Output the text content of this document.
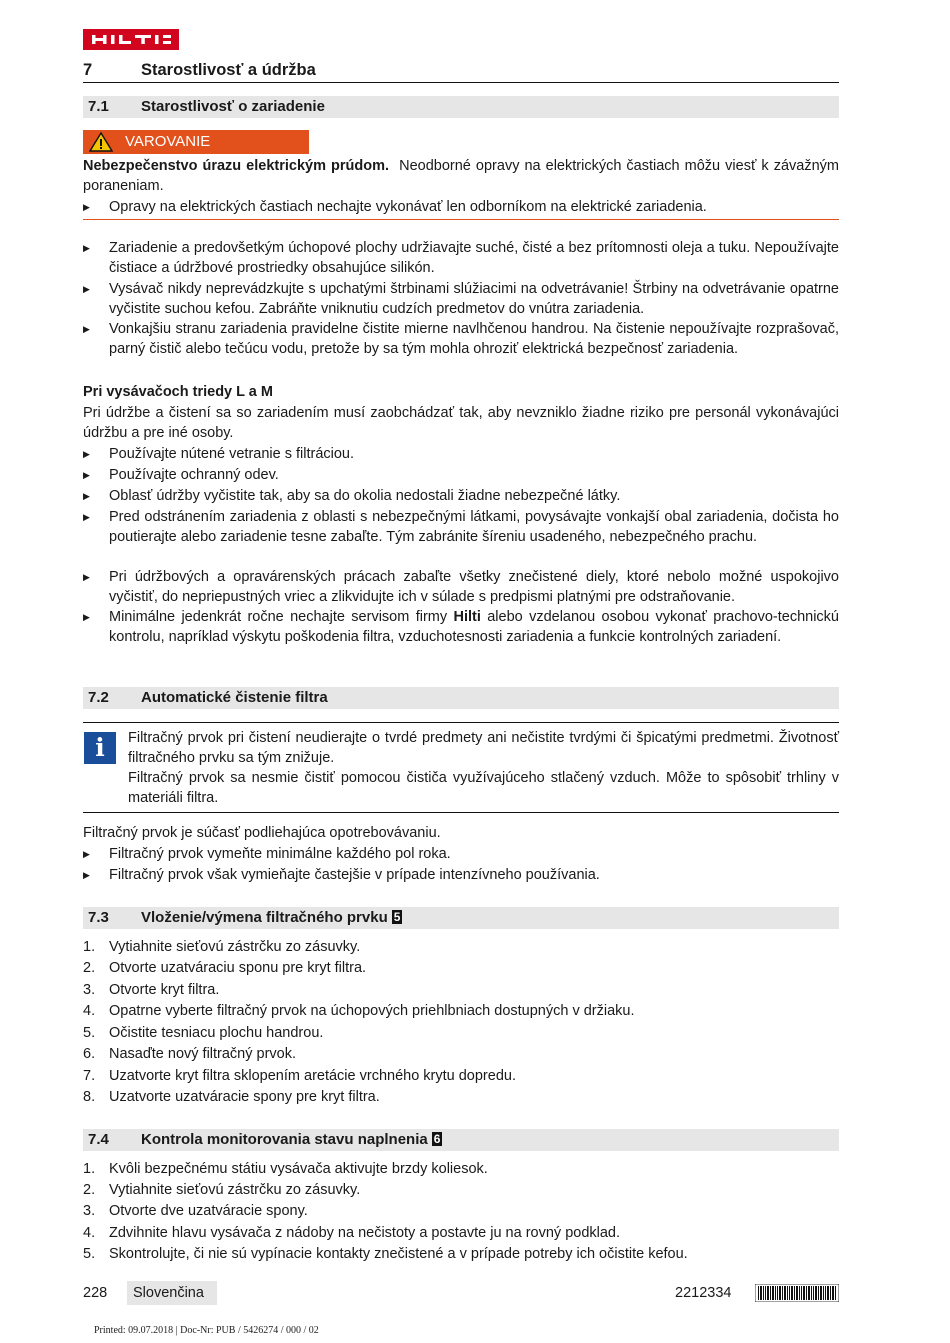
7	Starostlivosť a údržba
7.1 Starostlivosť o zariadenie
VAROVANIE
Nebezpečenstvo úrazu elektrickým prúdom. Neodborné opravy na elektrických častiach môžu viesť k závažným poraneniam.
▶ Opravy na elektrických častiach nechajte vykonávať len odborníkom na elektrické zariadenia.
▶ Zariadenie a predovšetkým úchopové plochy udržiavajte suché, čisté a bez prítomnosti oleja a tuku. Nepoužívajte čistiace a údržbové prostriedky obsahujúce silikón.
▶ Vysávač nikdy neprevádzkujte s upchatými štrbinami slúžiacimi na odvetrávanie! Štrbiny na odvetrávanie opatrne vyčistite suchou kefou. Zabráňte vniknutiu cudzích predmetov do vnútra zariadenia.
▶ Vonkajšiu stranu zariadenia pravidelne čistite mierne navlhčenou handrou. Na čistenie nepoužívajte rozprašovač, parný čistič alebo tečúcu vodu, pretože by sa tým mohla ohroziť elektrická bezpečnosť zariadenia.
Pri vysávačoch triedy L a M
Pri údržbe a čistení sa so zariadením musí zaobchádzať tak, aby nevzniklo žiadne riziko pre personál vykonávajúci údržbu a pre iné osoby.
▶ Používajte nútené vetranie s filtráciou.
▶ Používajte ochranný odev.
▶ Oblasť údržby vyčistite tak, aby sa do okolia nedostali žiadne nebezpečné látky.
▶ Pred odstránením zariadenia z oblasti s nebezpečnými látkami, povysávajte vonkajší obal zariadenia, dočista ho poutierajte alebo zariadenie tesne zabaľte. Tým zabránite šíreniu usadeného, nebezpečného prachu.
▶ Pri údržbových a opravárenských prácach zabaľte všetky znečistené diely, ktoré nebolo možné uspokojivo vyčistiť, do nepriepustných vriec a zlikvidujte ich v súlade s predpismi platnými pre odstraňovanie.
▶ Minimálne jedenkrát ročne nechajte servisom firmy Hilti alebo vzdelanou osobou vykonať prachovo-technickú kontrolu, napríklad výskytu poškodenia filtra, vzduchotesnosti zariadenia a funkcie kontrolných zariadení.
7.2 Automatické čistenie filtra
i	Filtračný prvok pri čistení neudierajte o tvrdé predmety ani nečistite tvrdými či špicatými predmetmi. Životnosť filtračného prvku sa tým znižuje.
Filtračný prvok sa nesmie čistiť pomocou čističa využívajúceho stlačený vzduch. Môže to spôsobiť trhliny v materiáli filtra.
Filtračný prvok je súčasť podliehajúca opotrebovávaniu.
▶ Filtračný prvok vymeňte minimálne každého pol roka.
▶ Filtračný prvok však vymieňajte častejšie v prípade intenzívneho používania.
7.3 Vloženie/výmena filtračného prvku 5
1. Vytiahnite sieťovú zástrčku zo zásuvky.
2. Otvorte uzatváraciu sponu pre kryt filtra.
3. Otvorte kryt filtra.
4. Opatrne vyberte filtračný prvok na úchopových priehlbniach dostupných v držiaku.
5. Očistite tesniacu plochu handrou.
6. Nasaďte nový filtračný prvok.
7. Uzatvorte kryt filtra sklopením aretácie vrchného krytu dopredu.
8. Uzatvorte uzatváracie spony pre kryt filtra.
7.4 Kontrola monitorovania stavu naplnenia 6
1. Kvôli bezpečnému státiu vysávača aktivujte brzdy koliesok.
2. Vytiahnite sieťovú zástrčku zo zásuvky.
3. Otvorte dve uzatváracie spony.
4. Zdvihnite hlavu vysávača z nádoby na nečistoty a postavte ju na rovný podklad.
5. Skontrolujte, či nie sú vypínacie kontakty znečistené a v prípade potreby ich očistite kefou.
228 Slovenčina	2212334
Printed: 09.07.2018 | Doc-Nr: PUB / 5426274 / 000 / 02
